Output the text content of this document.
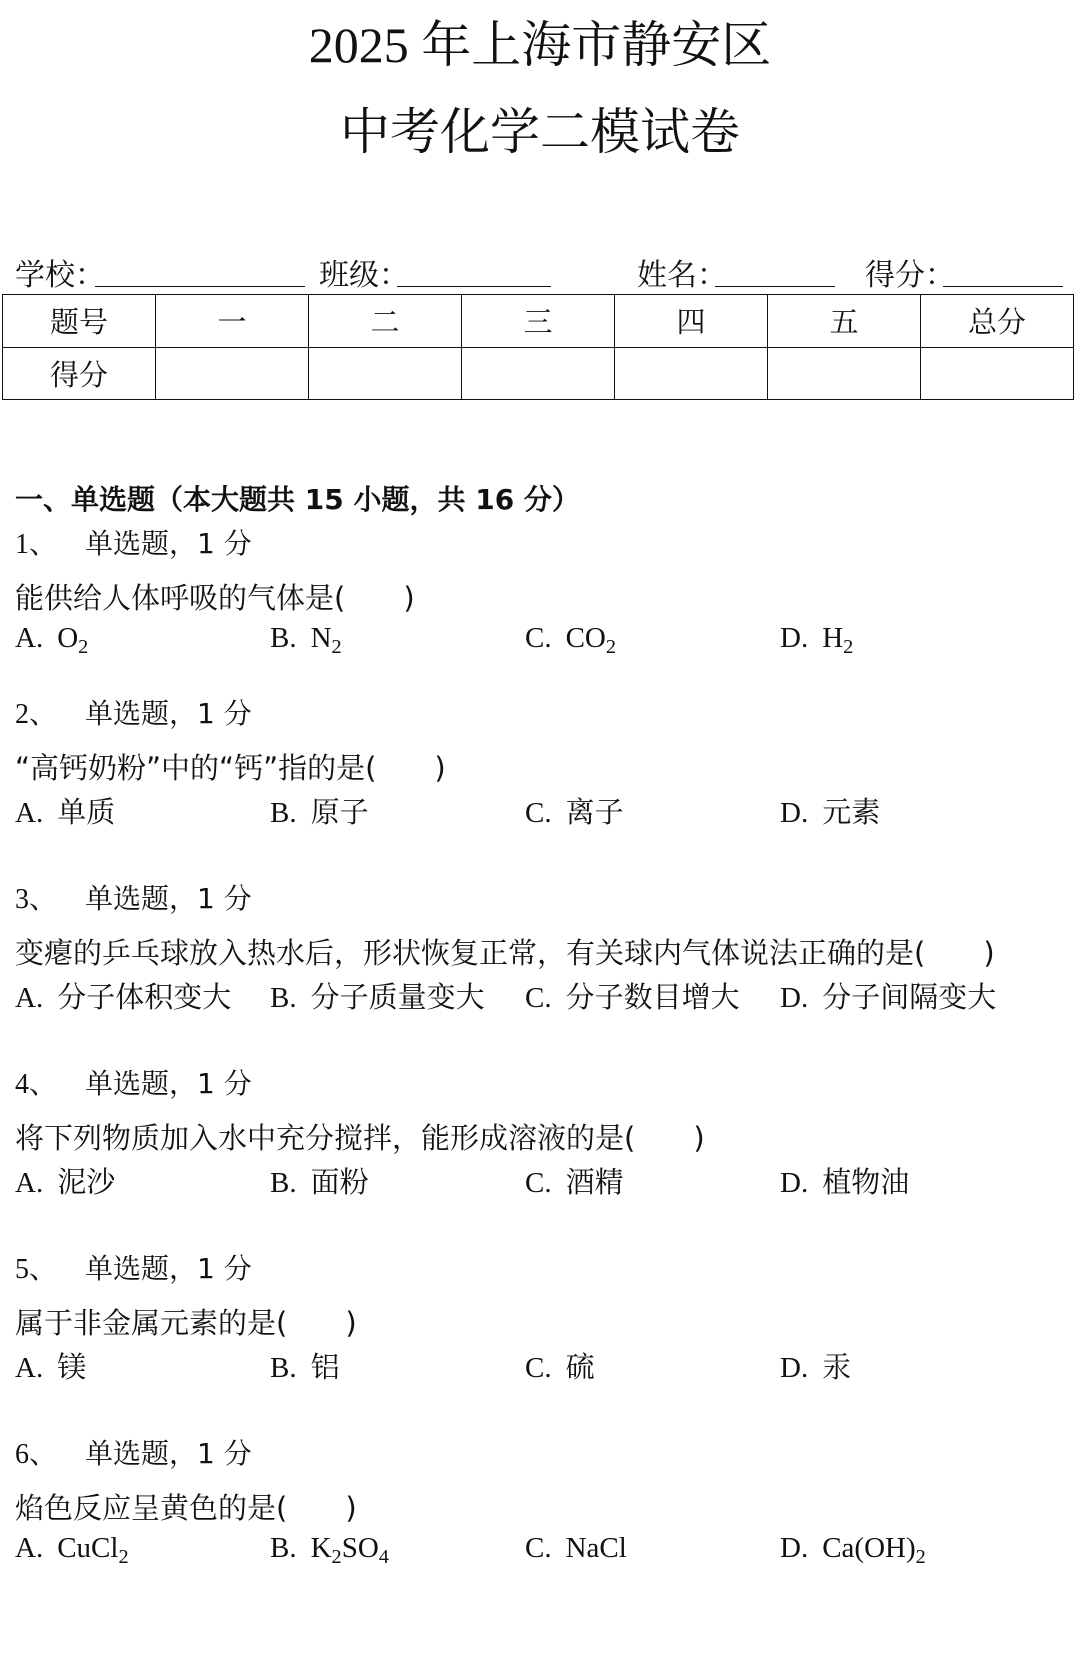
2025 年上海市静安区
中考化学二模试卷
学校：	班级：	姓名：	得分：
题号	一	二	三	四	五	总分
得分						
一、单选题（本大题共 15 小题，共 16 分）
1、 单选题，1 分
能供给人体呼吸的气体是(　　)
A. $O_2$	B. $N_2$	C. $CO_2$	D. $H_2$
2、 单选题，1 分
“高钙奶粉”中的“钙”指的是(　　)
A. 单质	B. 原子	C. 离子	D. 元素
3、 单选题，1 分
变瘪的乒乓球放入热水后，形状恢复正常，有关球内气体说法正确的是(　　)
A. 分子体积变大 B. 分子质量变大 C. 分子数目增大 D. 分子间隔变大
4、 单选题，1 分
将下列物质加入水中充分搅拌，能形成溶液的是(　　)
A. 泥沙	B. 面粉	C. 酒精	D. 植物油
5、 单选题，1 分
属于非金属元素的是(　　)
A. 镁	B. 铝	C. 硫	D. 汞
6、 单选题，1 分
焰色反应呈黄色的是(　　)
A. CuCl$_2$	B. $K_2SO_4$	C. NaCl	D. $Ca(OH)_2$
